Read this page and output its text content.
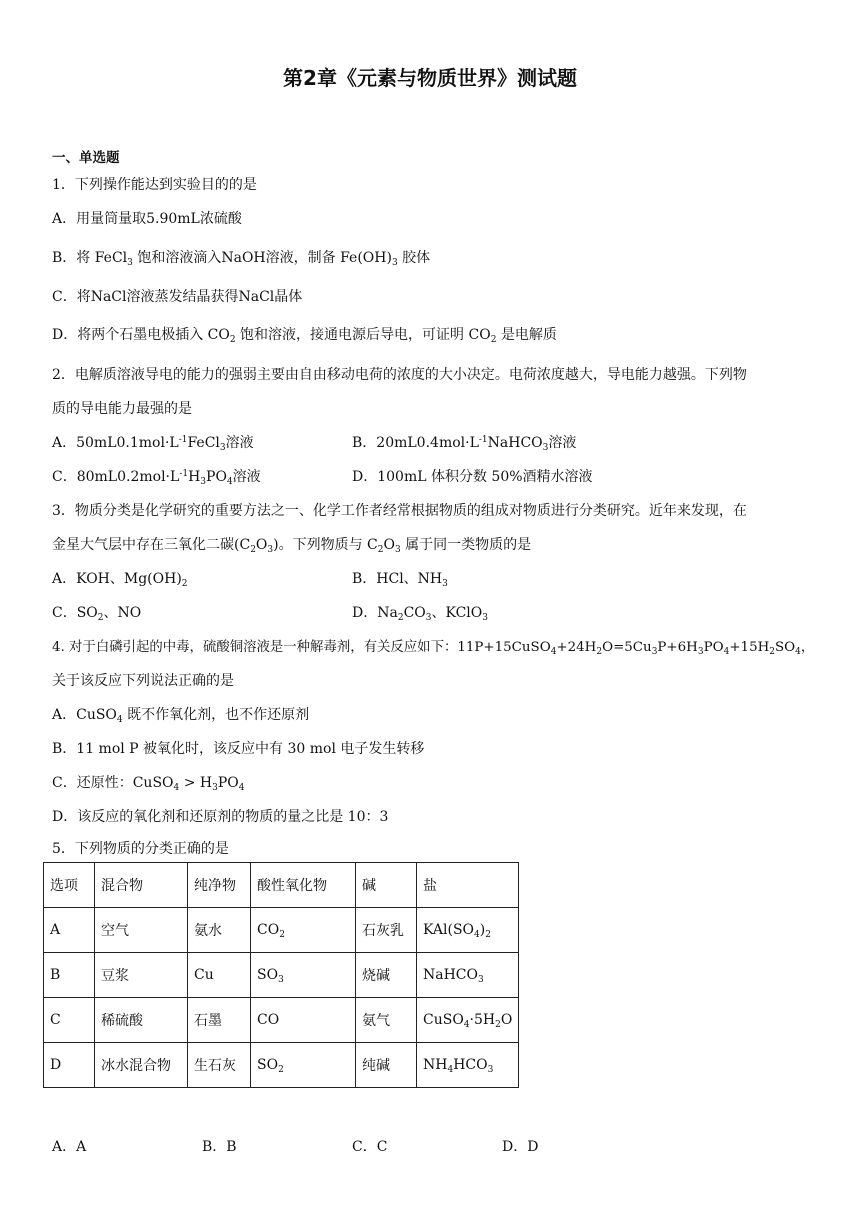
第2章《元素与物质世界》测试题
一、单选题
1．下列操作能达到实验目的的是
A．用量筒量取5.90mL浓硫酸
B．将 FeCl$_3$ 饱和溶液滴入NaOH溶液，制备 $Fe(OH)_3$ 胶体
C．将NaCl溶液蒸发结晶获得NaCl晶体
D．将两个石墨电极插入 $CO_2$ 饱和溶液，接通电源后导电，可证明 $CO_2$ 是电解质
2．电解质溶液导电的能力的强弱主要由自由移动电荷的浓度的大小决定。电荷浓度越大，导电能力越强。下列物
质的导电能力最强的是
A．$50mL0.1mol\cdot L^{-1}FeCl_3$溶液	B．$20mL0.4mol\cdot L^{-1}NaHCO_3$溶液
C．$80mL0.2mol\cdot L^{-1}H_3PO_4$溶液	D．100mL 体积分数 50%酒精水溶液
3．物质分类是化学研究的重要方法之一、化学工作者经常根据物质的组成对物质进行分类研究。近年来发现，在
金星大气层中存在三氧化二碳$(C_2O_3)$。下列物质与 $C_2O_3$ 属于同一类物质的是
A．KOH、$Mg(OH)_2$	B．HCl、$NH_3$
C．$SO_2$、NO	D．$Na_2CO_3$、KClO$_3$
4. 对于白磷引起的中毒，硫酸铜溶液是一种解毒剂，有关反应如下：$11P+15CuSO_4+24H_2O=5Cu_3P+6H_3PO_4+15H_2SO_4$，
关于该反应下列说法正确的是
A．CuSO$_4$ 既不作氧化剂，也不作还原剂
B．11 mol P 被氧化时，该反应中有 30 mol 电子发生转移
C．还原性：CuSO$_4$ > $H_3PO_4$
D．该反应的氧化剂和还原剂的物质的量之比是 10：3
5．下列物质的分类正确的是
选项	混合物	纯净物	酸性氧化物	碱	盐
A	空气	氨水	$CO_2$	石灰乳	$KAl(SO_4)_2$
B	豆浆	Cu	$SO_3$	烧碱	NaHCO$_3$
C	稀硫酸	石墨	CO	氨气	$CuSO_4\cdot 5H_2O$
D	冰水混合物	生石灰	$SO_2$	纯碱	$NH_4HCO_3$
A．A	B．B	C．C	D．D
